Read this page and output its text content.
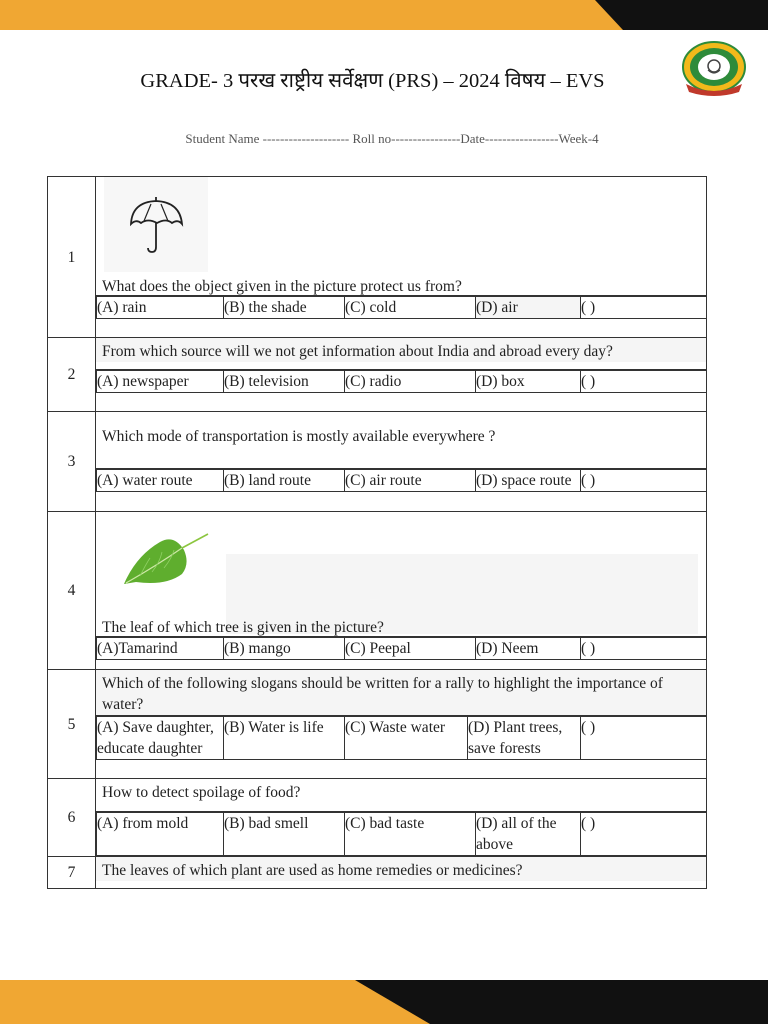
GRADE- 3 परख राष्ट्रीय सर्वेक्षण (PRS) – 2024 विषय – EVS
Student Name -------------------- Roll no----------------Date-----------------Week-4
1	
What does the object given in the picture protect us from?

(A) rain	(B) the shade	(C) cold	(D) air	( )

2	
From which source will we not get information about India and abroad every day?

(A) newspaper	(B) television	(C) radio	(D) box	( )

3	
Which mode of transportation is mostly available everywhere ?

(A) water route	(B) land route	(C) air route	(D) space route	( )

4	
The leaf of which tree is given in the picture?

(A)Tamarind	(B) mango	(C) Peepal	(D) Neem	( )

5	
Which of the following slogans should be written for a rally to highlight the importance of water?

(A) Save daughter, educate daughter	(B) Water is life	(C) Waste water	(D) Plant trees, save forests	( )

6	
How to detect spoilage of food?

(A) from mold	(B) bad smell	(C) bad taste	(D) all of the above	( )

7	The leaves of which plant are used as home remedies or medicines?
